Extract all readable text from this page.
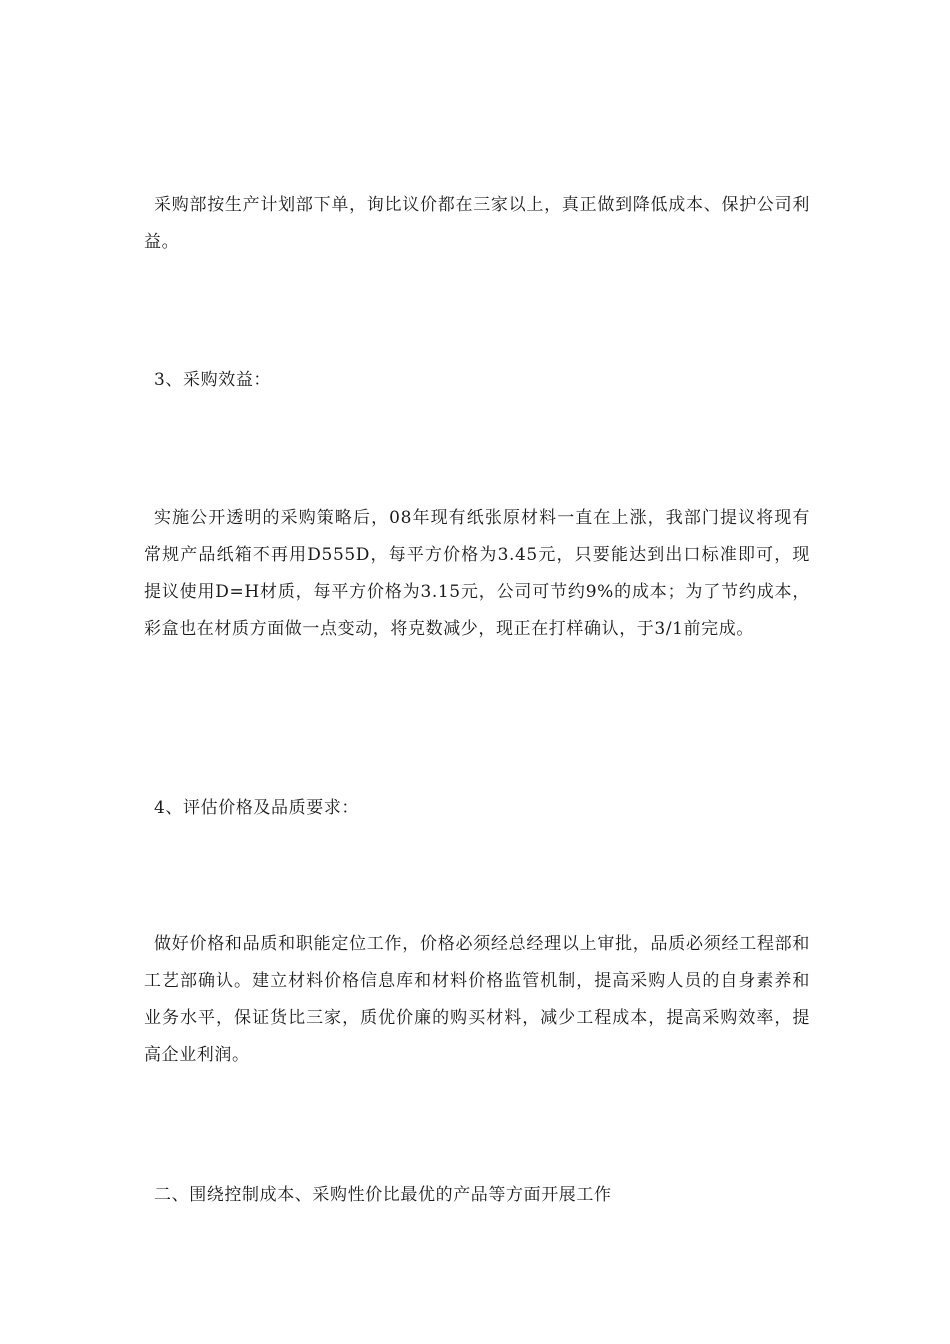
采购部按生产计划部下单，询比议价都在三家以上，真正做到降低成本、保护公司利益。

3、采购效益：

实施公开透明的采购策略后，08年现有纸张原材料一直在上涨，我部门提议将现有常规产品纸箱不再用D555D，每平方价格为3.45元，只要能达到出口标准即可，现提议使用D=H材质，每平方价格为3.15元，公司可节约9%的成本；为了节约成本，彩盒也在材质方面做一点变动，将克数减少，现正在打样确认，于3/1前完成。

4、评估价格及品质要求：

做好价格和品质和职能定位工作，价格必须经总经理以上审批，品质必须经工程部和工艺部确认。建立材料价格信息库和材料价格监管机制，提高采购人员的自身素养和业务水平，保证货比三家，质优价廉的购买材料，减少工程成本，提高采购效率，提高企业利润。

二、围绕控制成本、采购性价比最优的产品等方面开展工作
